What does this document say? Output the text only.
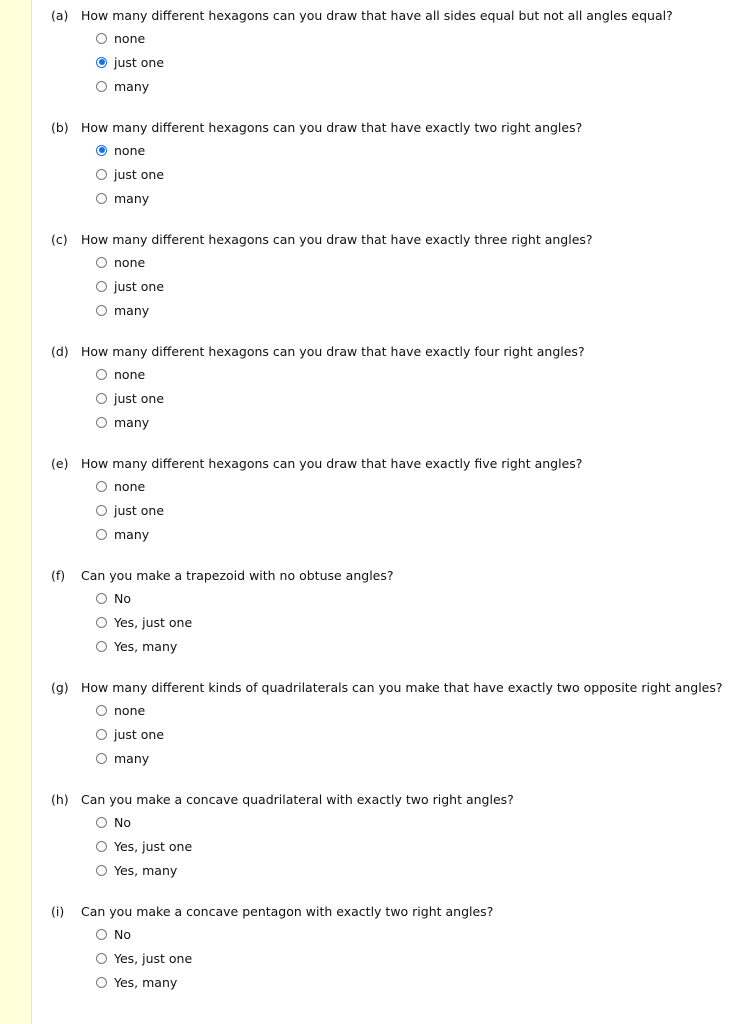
(a) How many different hexagons can you draw that have all sides equal but not all angles equal?
none
just one
many
(b) How many different hexagons can you draw that have exactly two right angles?
none
just one
many
(c) How many different hexagons can you draw that have exactly three right angles?
none
just one
many
(d) How many different hexagons can you draw that have exactly four right angles?
none
just one
many
(e) How many different hexagons can you draw that have exactly five right angles?
none
just one
many
(f) Can you make a trapezoid with no obtuse angles?
No
Yes, just one
Yes, many
(g) How many different kinds of quadrilaterals can you make that have exactly two opposite right angles?
none
just one
many
(h) Can you make a concave quadrilateral with exactly two right angles?
No
Yes, just one
Yes, many
(i) Can you make a concave pentagon with exactly two right angles?
No
Yes, just one
Yes, many
